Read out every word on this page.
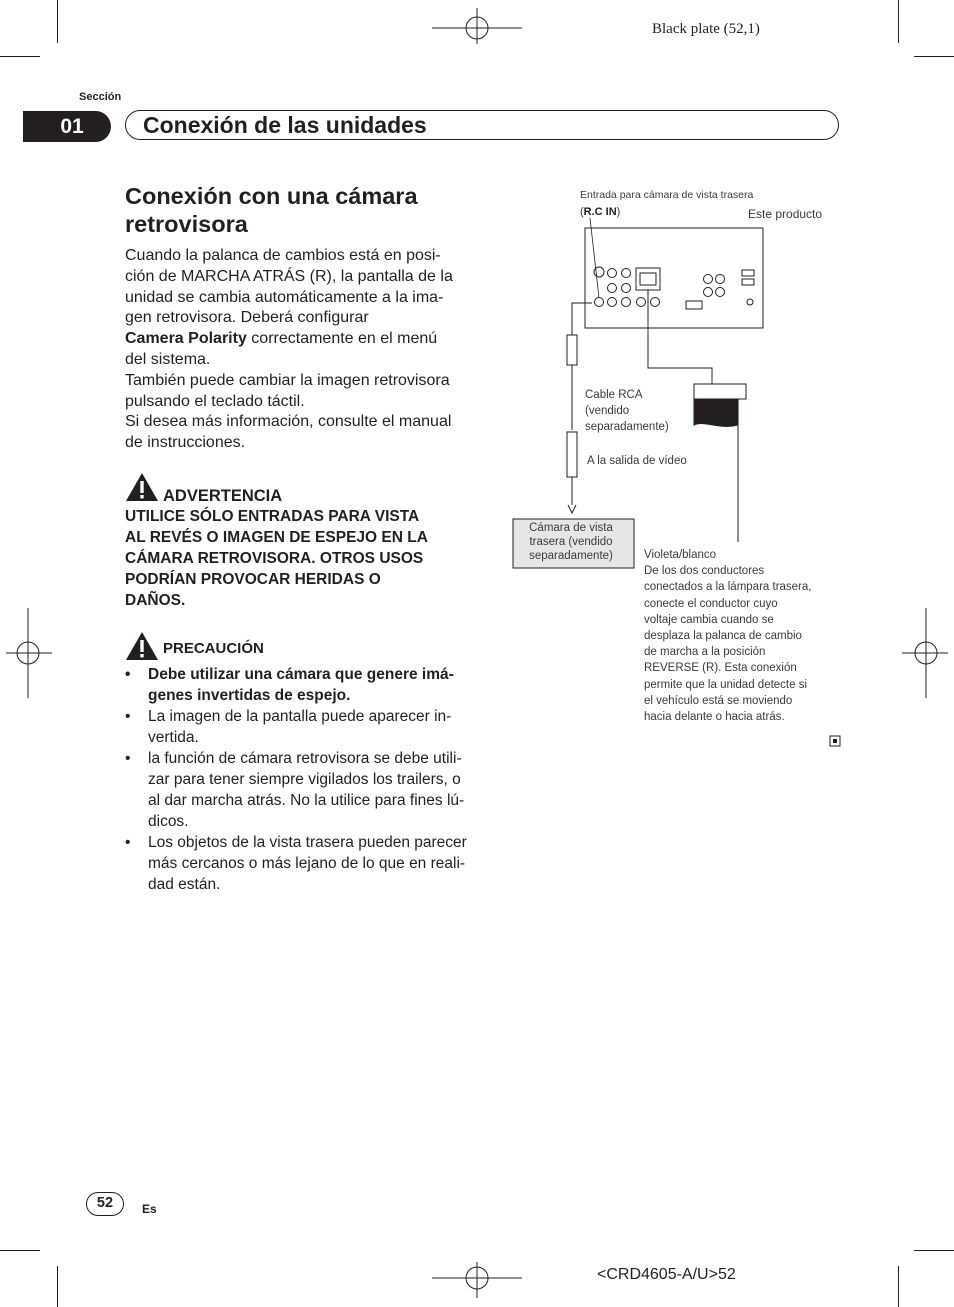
Black plate (52,1)
Sección
01	Conexión de las unidades
Conexión con una cámara
retrovisora
Cuando la palanca de cambios está en posi-
ción de MARCHA ATRÁS (R), la pantalla de la
unidad se cambia automáticamente a la ima-
gen retrovisora. Deberá configurar
Camera Polarity correctamente en el menú
del sistema.
También puede cambiar la imagen retrovisora
pulsando el teclado táctil.
Si desea más información, consulte el manual
de instrucciones.
ADVERTENCIA
UTILICE SÓLO ENTRADAS PARA VISTA
AL REVÉS O IMAGEN DE ESPEJO EN LA
CÁMARA RETROVISORA. OTROS USOS
PODRÍAN PROVOCAR HERIDAS O
DAÑOS.
PRECAUCIÓN
• Debe utilizar una cámara que genere imá-
genes invertidas de espejo.
• La imagen de la pantalla puede aparecer in-
vertida.
• la función de cámara retrovisora se debe utili-
zar para tener siempre vigilados los trailers, o
al dar marcha atrás. No la utilice para fines lú-
dicos.
• Los objetos de la vista trasera pueden parecer
más cercanos o más lejano de lo que en reali-
dad están.
Entrada para cámara de vista trasera
(R.C IN)	Este producto
Cable RCA
(vendido
separadamente)
A la salida de vídeo
Cámara de vista
trasera (vendido
separadamente)	Violeta/blanco
De los dos conductores
conectados a la lámpara trasera,
conecte el conductor cuyo
voltaje cambia cuando se
desplaza la palanca de cambio
de marcha a la posición
REVERSE (R). Esta conexión
permite que la unidad detecte si
el vehículo está se moviendo
hacia delante o hacia atrás.
52	Es
<CRD4605-A/U>52
